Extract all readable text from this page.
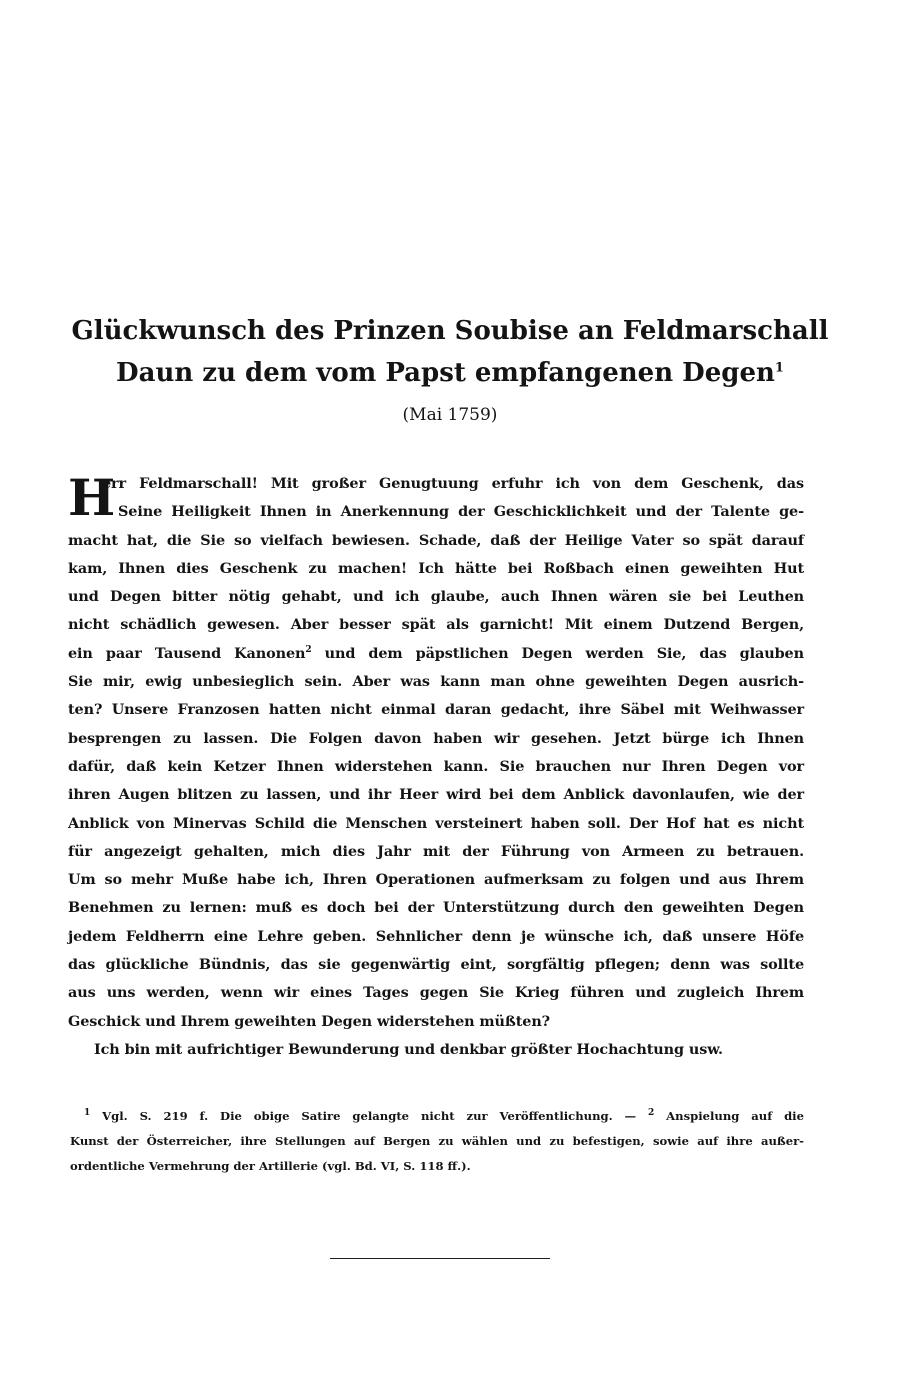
Glückwunsch des Prinzen Soubise an Feldmarschall
Daun zu dem vom Papst empfangenen Degen$^1$
(Mai 1759)
H
err Feldmarschall! Mit großer Genugtuung erfuhr ich von dem Geschenk, das
Seine Heiligkeit Ihnen in Anerkennung der Geschicklichkeit und der Talente ge-
macht hat, die Sie so vielfach bewiesen. Schade, daß der Heilige Vater so spät darauf
kam, Ihnen dies Geschenk zu machen! Ich hätte bei Roßbach einen geweihten Hut
und Degen bitter nötig gehabt, und ich glaube, auch Ihnen wären sie bei Leuthen
nicht schädlich gewesen. Aber besser spät als garnicht! Mit einem Dutzend Bergen,
ein paar Tausend Kanonen$^2$ und dem päpstlichen Degen werden Sie, das glauben
Sie mir, ewig unbesieglich sein. Aber was kann man ohne geweihten Degen ausrich-
ten? Unsere Franzosen hatten nicht einmal daran gedacht, ihre Säbel mit Weihwasser
besprengen zu lassen. Die Folgen davon haben wir gesehen. Jetzt bürge ich Ihnen
dafür, daß kein Ketzer Ihnen widerstehen kann. Sie brauchen nur Ihren Degen vor
ihren Augen blitzen zu lassen, und ihr Heer wird bei dem Anblick davonlaufen, wie der
Anblick von Minervas Schild die Menschen versteinert haben soll. Der Hof hat es nicht
für angezeigt gehalten, mich dies Jahr mit der Führung von Armeen zu betrauen.
Um so mehr Muße habe ich, Ihren Operationen aufmerksam zu folgen und aus Ihrem
Benehmen zu lernen: muß es doch bei der Unterstützung durch den geweihten Degen
jedem Feldherrn eine Lehre geben. Sehnlicher denn je wünsche ich, daß unsere Höfe
das glückliche Bündnis, das sie gegenwärtig eint, sorgfältig pflegen; denn was sollte
aus uns werden, wenn wir eines Tages gegen Sie Krieg führen und zugleich Ihrem
Geschick und Ihrem geweihten Degen widerstehen müßten?
Ich bin mit aufrichtiger Bewunderung und denkbar größter Hochachtung usw.
$^1$ Vgl. S. 219 f. Die obige Satire gelangte nicht zur Veröffentlichung. — $^2$ Anspielung auf die
Kunst der Österreicher, ihre Stellungen auf Bergen zu wählen und zu befestigen, sowie auf ihre außer-
ordentliche Vermehrung der Artillerie (vgl. Bd. VI, S. 118 ff.).
